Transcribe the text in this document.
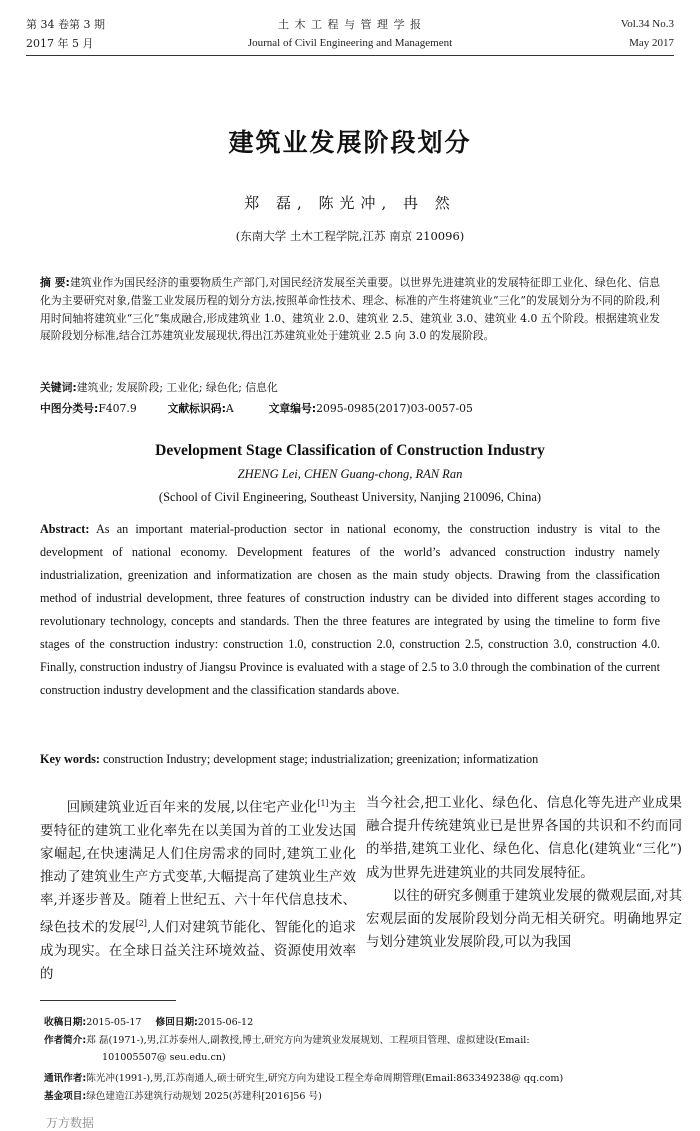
第 34 卷第 3 期
2017 年 5 月
土 木 工 程 与 管 理 学 报
Journal of Civil Engineering and Management
Vol.34 No.3
May 2017
建筑业发展阶段划分
郑 磊, 陈光冲, 冉 然
(东南大学 土木工程学院,江苏 南京 210096)
摘 要:建筑业作为国民经济的重要物质生产部门,对国民经济发展至关重要。以世界先进建筑业的发展特征即工业化、绿色化、信息化为主要研究对象,借鉴工业发展历程的划分方法,按照革命性技术、理念、标准的产生将建筑业“三化”的发展划分为不同的阶段,利用时间轴将建筑业“三化”集成融合,形成建筑业 1.0、建筑业 2.0、建筑业 2.5、建筑业 3.0、建筑业 4.0 五个阶段。根据建筑业发展阶段划分标准,结合江苏建筑业发展现状,得出江苏建筑业处于建筑业 2.5 向 3.0 的发展阶段。
关键词:建筑业; 发展阶段; 工业化; 绿色化; 信息化
中图分类号:F407.9	文献标识码:A	文章编号:2095-0985(2017)03-0057-05
Development Stage Classification of Construction Industry
ZHENG Lei, CHEN Guang-chong, RAN Ran
(School of Civil Engineering, Southeast University, Nanjing 210096, China)
Abstract: As an important material-production sector in national economy, the construction industry is vital to the development of national economy. Development features of the world’s advanced construction industry namely industrialization, greenization and informatization are chosen as the main study objects. Drawing from the classification method of industrial development, three features of construction industry can be divided into different stages according to revolutionary technology, concepts and standards. Then the three features are integrated by using the timeline to form five stages of the construction industry: construction 1.0, construction 2.0, construction 2.5, construction 3.0, construction 4.0. Finally, construction industry of Jiangsu Province is evaluated with a stage of 2.5 to 3.0 through the combination of the current construction industry development and the classification standards above.
Key words: construction Industry; development stage; industrialization; greenization; informatization

回顾建筑业近百年来的发展,以住宅产业化[1]为主要特征的建筑工业化率先在以美国为首的工业发达国家崛起,在快速满足人们住房需求的同时,建筑工业化推动了建筑业生产方式变革,大幅提高了建筑业生产效率,并逐步普及。随着上世纪五、六十年代信息技术、绿色技术的发展[2],人们对建筑节能化、智能化的追求成为现实。在全球日益关注环境效益、资源使用效率的

当今社会,把工业化、绿色化、信息化等先进产业成果融合提升传统建筑业已是世界各国的共识和不约而同的举措,建筑工业化、绿色化、信息化(建筑业“三化”)成为世界先进建筑业的共同发展特征。

以往的研究多侧重于建筑业发展的微观层面,对其宏观层面的发展阶段划分尚无相关研究。明确地界定与划分建筑业发展阶段,可以为我国

收稿日期:2015-05-17 修回日期:2015-06-12
作者简介:郑 磊(1971-),男,江苏泰州人,副教授,博士,研究方向为建筑业发展规划、工程项目管理、虚拟建设(Email:
101005507@ seu.edu.cn)
通讯作者:陈光冲(1991-),男,江苏南通人,硕士研究生,研究方向为建设工程全寿命周期管理(Email:863349238@ qq.com)
基金项目:绿色建造江苏建筑行动规划 2025(苏建科[2016]56 号)
万方数据
